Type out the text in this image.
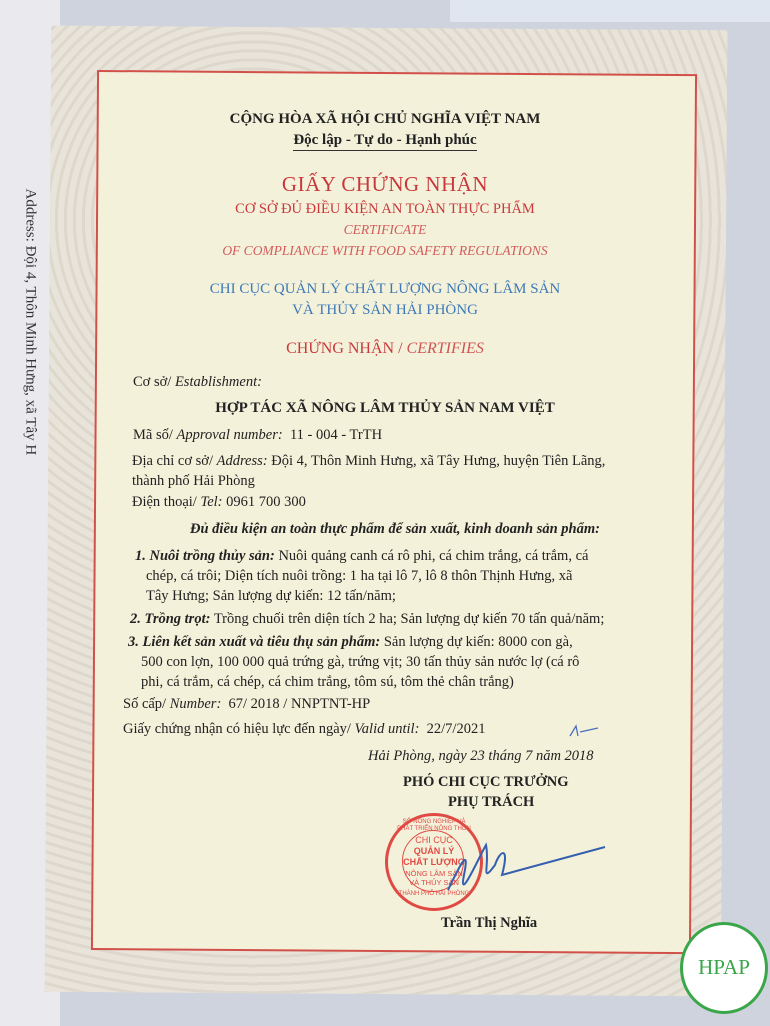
Address: Đội 4, Thôn Minh Hưng, xã Tây H
CỘNG HÒA XÃ HỘI CHỦ NGHĨA VIỆT NAM
Độc lập - Tự do - Hạnh phúc
GIẤY CHỨNG NHẬN
CƠ SỞ ĐỦ ĐIỀU KIỆN AN TOÀN THỰC PHẨM
CERTIFICATE
OF COMPLIANCE WITH FOOD SAFETY REGULATIONS
CHI CỤC QUẢN LÝ CHẤT LƯỢNG NÔNG LÂM SẢN
VÀ THỦY SẢN HẢI PHÒNG
CHỨNG NHẬN / CERTIFIES
Cơ sở/ Establishment:
HỢP TÁC XÃ NÔNG LÂM THỦY SẢN NAM VIỆT
Mã số/ Approval number: 11 - 004 - TrTH
Địa chỉ cơ sở/ Address: Đội 4, Thôn Minh Hưng, xã Tây Hưng, huyện Tiên Lãng,
thành phố Hải Phòng
Điện thoại/ Tel: 0961 700 300
Đủ điều kiện an toàn thực phẩm để sản xuất, kinh doanh sản phẩm:
1. Nuôi trồng thủy sản: Nuôi quảng canh cá rô phi, cá chim trắng, cá trắm, cá
chép, cá trôi; Diện tích nuôi trồng: 1 ha tại lô 7, lô 8 thôn Thịnh Hưng, xã
Tây Hưng; Sản lượng dự kiến: 12 tấn/năm;
2. Trồng trọt: Trồng chuối trên diện tích 2 ha; Sản lượng dự kiến 70 tấn quả/năm;
3. Liên kết sản xuất và tiêu thụ sản phẩm: Sản lượng dự kiến: 8000 con gà,
500 con lợn, 100 000 quả trứng gà, trứng vịt; 30 tấn thủy sản nước lợ (cá rô
phi, cá trắm, cá chép, cá chim trắng, tôm sú, tôm thẻ chân trắng)
Số cấp/ Number: 67/ 2018 / NNPTNT-HP
Giấy chứng nhận có hiệu lực đến ngày/ Valid until: 22/7/2021
Hải Phòng, ngày 23 tháng 7 năm 2018
PHÓ CHI CỤC TRƯỞNG
PHỤ TRÁCH
SỞ NÔNG NGHIỆP VÀ PHÁT TRIỂN NÔNG THÔN
CHI CỤC
QUẢN LÝ
CHẤT LƯỢNG
NÔNG LÂM SẢN
VÀ THỦY SẢN
THÀNH PHỐ HẢI PHÒNG
Trần Thị Nghĩa
HPAP
